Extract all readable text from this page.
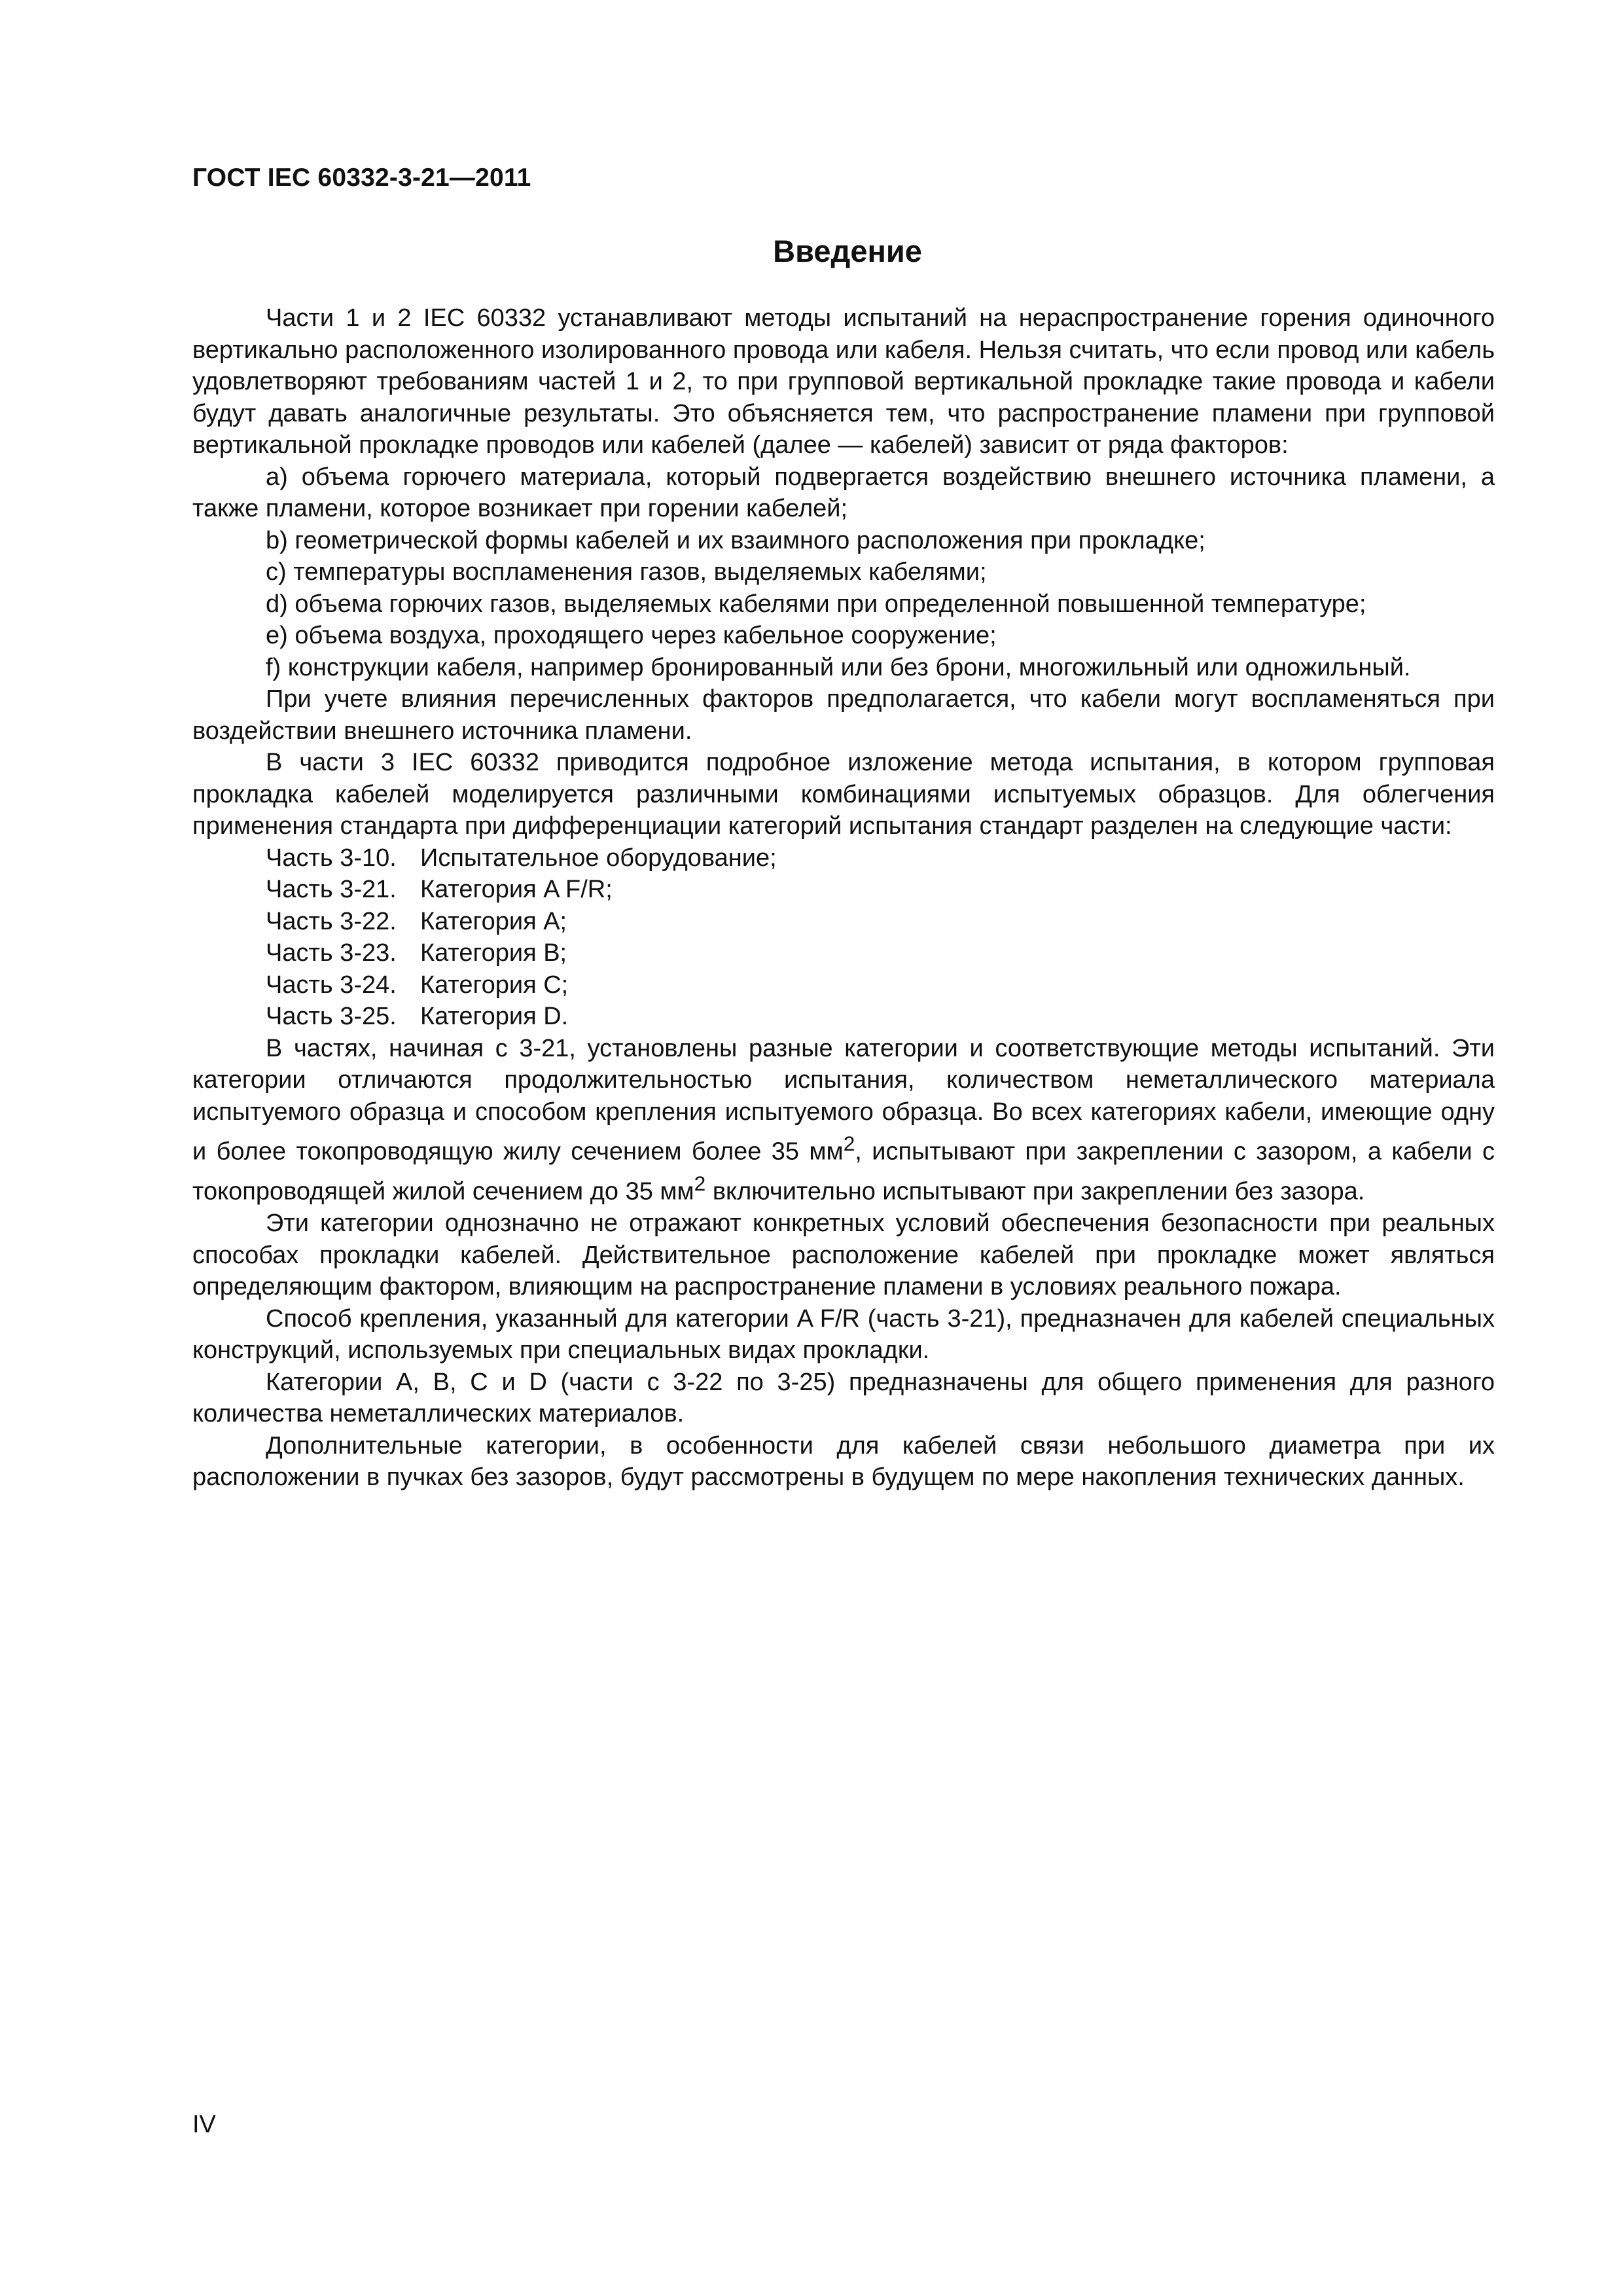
ГОСТ IEC 60332-3-21—2011
Введение

Части 1 и 2 IEC 60332 устанавливают методы испытаний на нераспространение горения одиночного вертикально расположенного изолированного провода или кабеля. Нельзя считать, что если провод или кабель удовлетворяют требованиям частей 1 и 2, то при групповой вертикальной прокладке такие провода и кабели будут давать аналогичные результаты. Это объясняется тем, что распространение пламени при групповой вертикальной прокладке проводов или кабелей (далее — кабелей) зависит от ряда факторов:

а) объема горючего материала, который подвергается воздействию внешнего источника пламени, а также пламени, которое возникает при горении кабелей;
b) геометрической формы кабелей и их взаимного расположения при прокладке;
с) температуры воспламенения газов, выделяемых кабелями;
d) объема горючих газов, выделяемых кабелями при определенной повышенной температуре;
е) объема воздуха, проходящего через кабельное сооружение;
f) конструкции кабеля, например бронированный или без брони, многожильный или одножильный.

При учете влияния перечисленных факторов предполагается, что кабели могут воспламеняться при воздействии внешнего источника пламени.

В части 3 IEC 60332 приводится подробное изложение метода испытания, в котором групповая прокладка кабелей моделируется различными комбинациями испытуемых образцов. Для облегчения применения стандарта при дифференциации категорий испытания стандарт разделен на следующие части:

Часть 3-10. Испытательное оборудование;
Часть 3-21. Категория A F/R;
Часть 3-22. Категория A;
Часть 3-23. Категория B;
Часть 3-24. Категория C;
Часть 3-25. Категория D.

В частях, начиная с 3-21, установлены разные категории и соответствующие методы испытаний. Эти категории отличаются продолжительностью испытания, количеством неметаллического материала испытуемого образца и способом крепления испытуемого образца. Во всех категориях кабели, имеющие одну и более токопроводящую жилу сечением более 35 $мм^2$, испытывают при закреплении с зазором, а кабели с токопроводящей жилой сечением до 35 $мм^2$ включительно испытывают при закреплении без зазора.

Эти категории однозначно не отражают конкретных условий обеспечения безопасности при реальных способах прокладки кабелей. Действительное расположение кабелей при прокладке может являться определяющим фактором, влияющим на распространение пламени в условиях реального пожара.

Способ крепления, указанный для категории A F/R (часть 3-21), предназначен для кабелей специальных конструкций, используемых при специальных видах прокладки.

Категории A, B, C и D (части с 3-22 по 3-25) предназначены для общего применения для разного количества неметаллических материалов.

Дополнительные категории, в особенности для кабелей связи небольшого диаметра при их расположении в пучках без зазоров, будут рассмотрены в будущем по мере накопления технических данных.

IV
